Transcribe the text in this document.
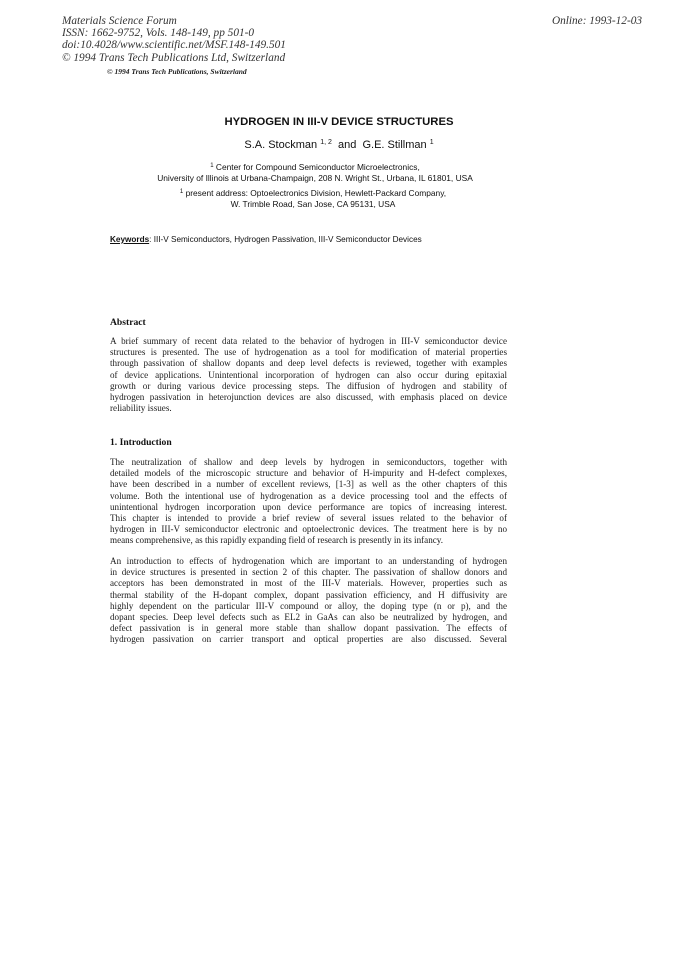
Materials Science Forum
ISSN: 1662-9752, Vols. 148-149, pp 501-0
doi:10.4028/www.scientific.net/MSF.148-149.501
© 1994 Trans Tech Publications Ltd, Switzerland
Online: 1993-12-03
© 1994 Trans Tech Publications, Switzerland
HYDROGEN IN III-V DEVICE STRUCTURES
S.A. Stockman $^{1, 2}$  and  G.E. Stillman $^1$
$^1$ Center for Compound Semiconductor Microelectronics,
University of Illinois at Urbana-Champaign, 208 N. Wright St., Urbana, IL 61801, USA
$^1$ present address: Optoelectronics Division, Hewlett-Packard Company,
W. Trimble Road, San Jose, CA 95131, USA
Keywords: III-V Semiconductors, Hydrogen Passivation, III-V Semiconductor Devices
Abstract
A brief summary of recent data related to the behavior of hydrogen in III-V semiconductor device
structures is presented. The use of hydrogenation as a tool for modification of material properties
through passivation of shallow dopants and deep level defects is reviewed, together with examples
of device applications. Unintentional incorporation of hydrogen can also occur during epitaxial
growth or during various device processing steps. The diffusion of hydrogen and stability of
hydrogen passivation in heterojunction devices are also discussed, with emphasis placed on device
reliability issues.
1. Introduction
The neutralization of shallow and deep levels by hydrogen in semiconductors, together with
detailed models of the microscopic structure and behavior of H-impurity and H-defect complexes,
have been described in a number of excellent reviews, [1-3] as well as the other chapters of this
volume. Both the intentional use of hydrogenation as a device processing tool and the effects of
unintentional hydrogen incorporation upon device performance are topics of increasing interest.
This chapter is intended to provide a brief review of several issues related to the behavior of
hydrogen in III-V semiconductor electronic and optoelectronic devices. The treatment here is by no
means comprehensive, as this rapidly expanding field of research is presently in its infancy.
An introduction to effects of hydrogenation which are important to an understanding of hydrogen
in device structures is presented in section 2 of this chapter. The passivation of shallow donors and
acceptors has been demonstrated in most of the III-V materials. However, properties such as
thermal stability of the H-dopant complex, dopant passivation efficiency, and H diffusivity are
highly dependent on the particular III-V compound or alloy, the doping type (n or p), and the
dopant species. Deep level defects such as EL2 in GaAs can also be neutralized by hydrogen, and
defect passivation is in general more stable than shallow dopant passivation. The effects of
hydrogen passivation on carrier transport and optical properties are also discussed. Several
